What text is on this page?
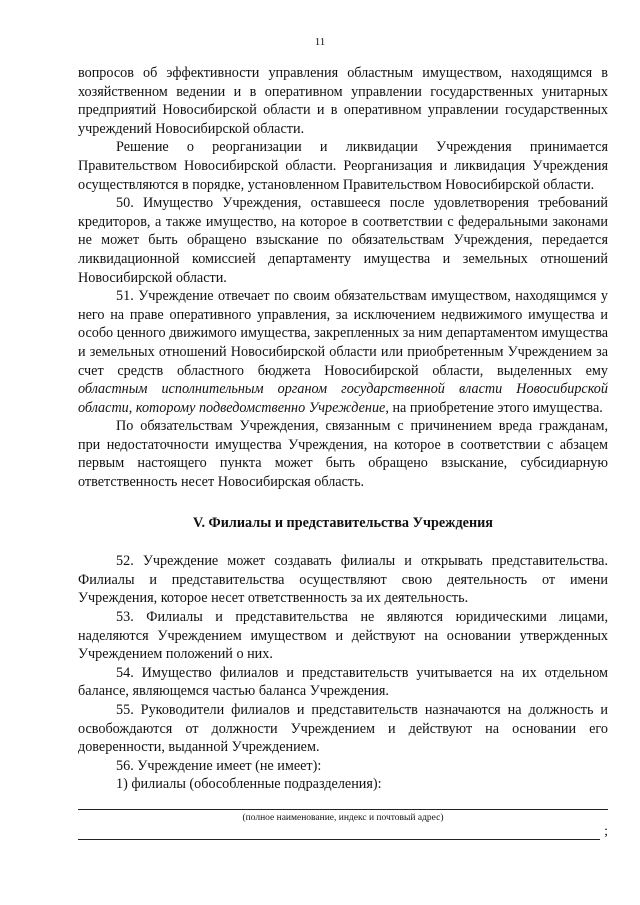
11

вопросов об эффективности управления областным имуществом, находящимся в хозяйственном ведении и в оперативном управлении государственных унитарных предприятий Новосибирской области и в оперативном управлении государственных учреждений Новосибирской области.

Решение о реорганизации и ликвидации Учреждения принимается Правительством Новосибирской области. Реорганизация и ликвидация Учреждения осуществляются в порядке, установленном Правительством Новосибирской области.

50. Имущество Учреждения, оставшееся после удовлетворения требований кредиторов, а также имущество, на которое в соответствии с федеральными законами не может быть обращено взыскание по обязательствам Учреждения, передается ликвидационной комиссией департаменту имущества и земельных отношений Новосибирской области.

51. Учреждение отвечает по своим обязательствам имуществом, находящимся у него на праве оперативного управления, за исключением недвижимого имущества и особо ценного движимого имущества, закрепленных за ним департаментом имущества и земельных отношений Новосибирской области или приобретенным Учреждением за счет средств областного бюджета Новосибирской области, выделенных ему областным исполнительным органом государственной власти Новосибирской области, которому подведомственно Учреждение, на приобретение этого имущества.

По обязательствам Учреждения, связанным с причинением вреда гражданам, при недостаточности имущества Учреждения, на которое в соответствии с абзацем первым настоящего пункта может быть обращено взыскание, субсидиарную ответственность несет Новосибирская область.

V. Филиалы и представительства Учреждения

52. Учреждение может создавать филиалы и открывать представительства. Филиалы и представительства осуществляют свою деятельность от имени Учреждения, которое несет ответственность за их деятельность.

53. Филиалы и представительства не являются юридическими лицами, наделяются Учреждением имуществом и действуют на основании утвержденных Учреждением положений о них.

54. Имущество филиалов и представительств учитывается на их отдельном балансе, являющемся частью баланса Учреждения.

55. Руководители филиалов и представительств назначаются на должность и освобождаются от должности Учреждением и действуют на основании его доверенности, выданной Учреждением.

56. Учреждение имеет (не имеет):

1) филиалы (обособленные подразделения):

(полное наименование, индекс и почтовый адрес)
;
